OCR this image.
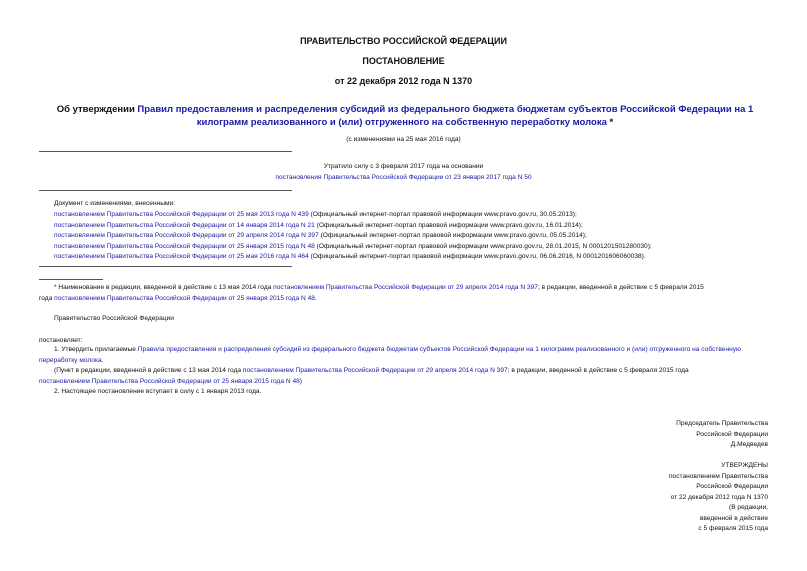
ПРАВИТЕЛЬСТВО РОССИЙСКОЙ ФЕДЕРАЦИИ
ПОСТАНОВЛЕНИЕ
от 22 декабря 2012 года N 1370
Об утверждении Правил предоставления и распределения субсидий из федерального бюджета бюджетам субъектов Российской Федерации на 1 килограмм реализованного и (или) отгруженного на собственную переработку молока *
(с изменениями на 25 мая 2016 года)
Утратило силу с 3 февраля 2017 года на основании
постановления Правительства Российской Федерации от 23 января 2017 года N 50
Документ с изменениями, внесенными:
постановлением Правительства Российской Федерации от 25 мая 2013 года N 439 (Официальный интернет-портал правовой информации www.pravo.gov.ru, 30.05.2013);
постановлением Правительства Российской Федерации от 14 января 2014 года N 21 (Официальный интернет-портал правовой информации www.pravo.gov.ru, 16.01.2014);
постановлением Правительства Российской Федерации от 29 апреля 2014 года N 397 (Официальный интернет-портал правовой информации www.pravo.gov.ru, 05.05.2014);
постановлением Правительства Российской Федерации от 25 января 2015 года N 48 (Официальный интернет-портал правовой информации www.pravo.gov.ru, 28.01.2015, N 0001201501280030);
постановлением Правительства Российской Федерации от 25 мая 2016 года N 464 (Официальный интернет-портал правовой информации www.pravo.gov.ru, 06.06.2016, N 0001201606060038).
* Наименование в редакции, введенной в действие с 13 мая 2014 года постановлением Правительства Российской Федерации от 29 апреля 2014 года N 397; в редакции, введенной в действие с 5 февраля 2015
года постановлением Правительства Российской Федерации от 25 января 2015 года N 48.
Правительство Российской Федерации
постановляет:
1. Утвердить прилагаемые Правила предоставления и распределения субсидий из федерального бюджета бюджетам субъектов Российской Федерации на 1 килограмм реализованного и (или) отгруженного на собственную переработку молока.
(Пункт в редакции, введенной в действие с 13 мая 2014 года постановлением Правительства Российской Федерации от 29 апреля 2014 года N 397; в редакции, введенной в действие с 5 февраля 2015 года
постановлением Правительства Российской Федерации от 25 января 2015 года N 48)
2. Настоящее постановление вступает в силу с 1 января 2013 года.
Председатель Правительства
Российской Федерации
Д.Медведев
УТВЕРЖДЕНЫ
постановлением Правительства
Российской Федерации
от 22 декабря 2012 года N 1370
(В редакции,
введенной в действие
с 5 февраля 2015 года
